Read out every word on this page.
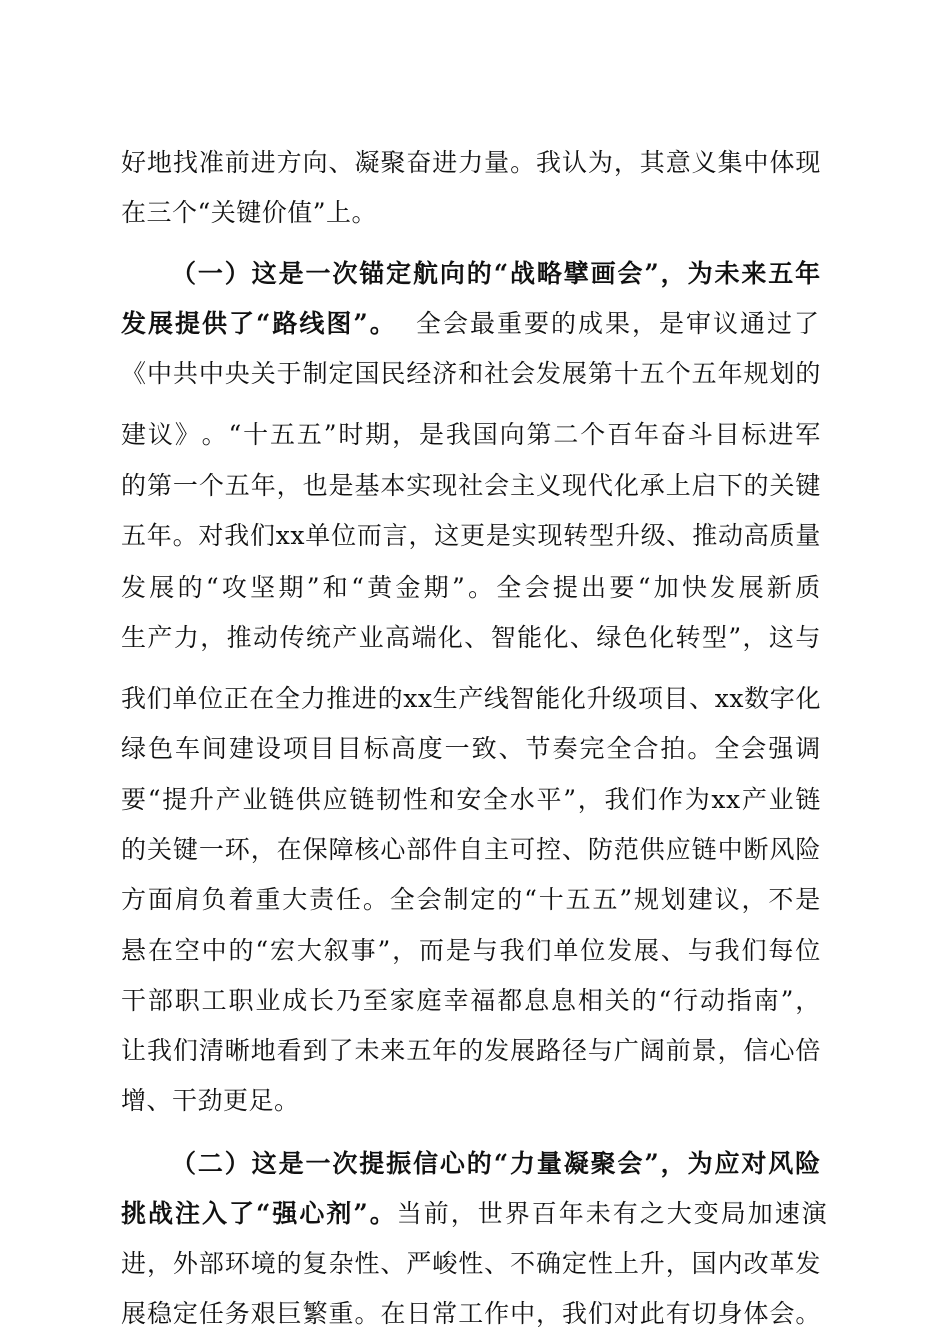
好 地 找 准 前 进 方 向 、 凝 聚 奋 进 力 量 。 我 认 为 ， 其 意 义 集 中 体 现
在三个“关键价值”上。
（ 一 ） 这 是 一 次 锚 定 航 向 的 “ 战 略 擘 画 会 ” ， 为 未 来 五 年
发展提供了“路线图”。 全会最重要的成果，是审议通过了
《 中 共 中 央 关 于 制 定 国 民 经 济 和 社 会 发 展 第 十 五 个 五 年 规 划 的
建 议 》 。 “ 十 五 五 ” 时 期 ， 是 我 国 向 第 二 个 百 年 奋 斗 目 标 进 军
的 第 一 个 五 年 ， 也 是 基 本 实 现 社 会 主 义 现 代 化 承 上 启 下 的 关 键
五 年 。 对 我 们 xx 单 位 而 言 ， 这 更 是 实 现 转 型 升 级 、 推 动 高 质 量
发 展 的 “ 攻 坚 期 ” 和 “ 黄 金 期 ” 。 全 会 提 出 要 “ 加 快 发 展 新 质
生 产 力 ， 推 动 传 统 产 业 高 端 化 、 智 能 化 、 绿 色 化 转 型 ” ， 这 与
我 们 单 位 正 在 全 力 推 进 的 xx 生 产 线 智 能 化 升 级 项 目 、 xx 数 字 化
绿 色 车 间 建 设 项 目 目 标 高 度 一 致 、 节 奏 完 全 合 拍 。 全 会 强 调
要 “ 提 升 产 业 链 供 应 链 韧 性 和 安 全 水 平 ” ， 我 们 作 为 xx 产 业 链
的 关 键 一 环 ， 在 保 障 核 心 部 件 自 主 可 控 、 防 范 供 应 链 中 断 风 险
方 面 肩 负 着 重 大 责 任 。 全 会 制 定 的 “ 十 五 五 ” 规 划 建 议 ， 不 是
悬 在 空 中 的 “ 宏 大 叙 事 ” ， 而 是 与 我 们 单 位 发 展 、 与 我 们 每 位
干 部 职 工 职 业 成 长 乃 至 家 庭 幸 福 都 息 息 相 关 的 “ 行 动 指 南 ” ，
让 我 们 清 晰 地 看 到 了 未 来 五 年 的 发 展 路 径 与 广 阔 前 景 ， 信 心 倍
增、干劲更足。
（ 二 ） 这 是 一 次 提 振 信 心 的 “ 力 量 凝 聚 会 ” ， 为 应 对 风 险
挑战注入了“强心剂”。 当前，世界百年未有之大变局加速演
进 ， 外 部 环 境 的 复 杂 性 、 严 峻 性 、 不 确 定 性 上 升 ， 国 内 改 革 发
展 稳 定 任 务 艰 巨 繁 重 。 在 日 常 工 作 中 ， 我 们 对 此 有 切 身 体 会 。
